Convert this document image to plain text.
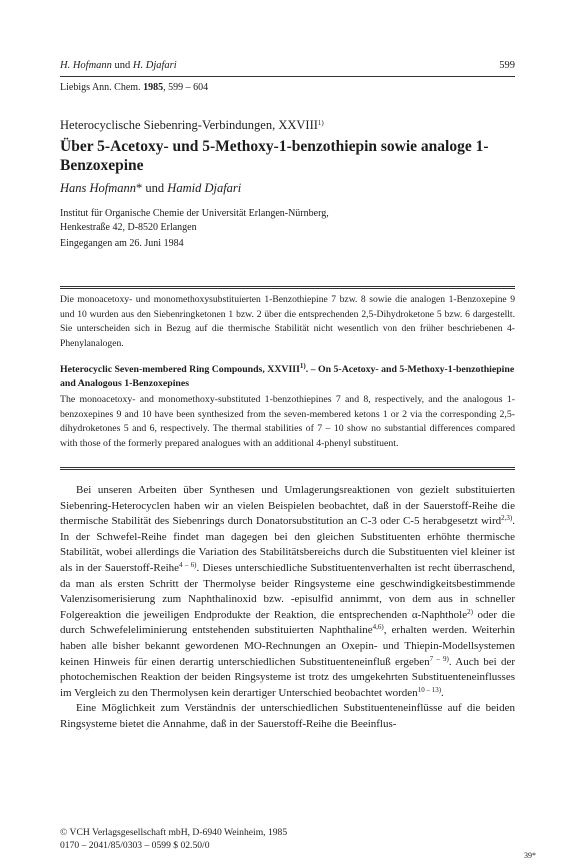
H. Hofmann und H. Djafari	599
Liebigs Ann. Chem. 1985, 599 – 604
Heterocyclische Siebenring-Verbindungen, XXVIII$^{1)}$
Über 5-Acetoxy- und 5-Methoxy-1-benzothiepin sowie analoge 1-Benzoxepine
Hans Hofmann* und Hamid Djafari
Institut für Organische Chemie der Universität Erlangen-Nürnberg,
Henkestraße 42, D-8520 Erlangen
Eingegangen am 26. Juni 1984
Die monoacetoxy- und monomethoxysubstituierten 1-Benzothiepine 7 bzw. 8 sowie die analogen 1-Benzoxepine 9 und 10 wurden aus den Siebenringketonen 1 bzw. 2 über die entsprechenden 2,5-Dihydroketone 5 bzw. 6 dargestellt. Sie unterscheiden sich in Bezug auf die thermische Stabilität nicht wesentlich von den früher beschriebenen 4-Phenylanalogen.
Heterocyclic Seven-membered Ring Compounds, XXVIII$^{1)}$. – On 5-Acetoxy- and 5-Methoxy-1-benzothiepine and Analogous 1-Benzoxepines
The monoacetoxy- and monomethoxy-substituted 1-benzothiepines 7 and 8, respectively, and the analogous 1-benzoxepines 9 and 10 have been synthesized from the seven-membered ketons 1 or 2 via the corresponding 2,5-dihydroketones 5 and 6, respectively. The thermal stabilities of 7 – 10 show no substantial differences compared with those of the formerly prepared analogues with an additional 4-phenyl substituent.

Bei unseren Arbeiten über Synthesen und Umlagerungsreaktionen von gezielt substituierten Siebenring-Heterocyclen haben wir an vielen Beispielen beobachtet, daß in der Sauerstoff-Reihe die thermische Stabilität des Siebenrings durch Donatorsubstitution an C-3 oder C-5 herabgesetzt wird$^{2,3)}$. In der Schwefel-Reihe findet man dagegen bei den gleichen Substituenten erhöhte thermische Stabilität, wobei allerdings die Variation des Stabilitätsbereichs durch die Substituenten viel kleiner ist als in der Sauerstoff-Reihe$^{4 - 6)}$. Dieses unterschiedliche Substituentenverhalten ist recht überraschend, da man als ersten Schritt der Thermolyse beider Ringsysteme eine geschwindigkeitsbestimmende Valenzisomerisierung zum Naphthalinoxid bzw. -episulfid annimmt, von dem aus in schneller Folgereaktion die jeweiligen Endprodukte der Reaktion, die entsprechenden α-Naphthole$^{2)}$ oder die durch Schwefeleliminierung entstehenden substituierten Naphthaline$^{4,6)}$, erhalten werden. Weiterhin haben alle bisher bekannt gewordenen MO-Rechnungen an Oxepin- und Thiepin-Modellsystemen keinen Hinweis für einen derartig unterschiedlichen Substituenteneinfluß ergeben$^{7 - 9)}$. Auch bei der photochemischen Reaktion der beiden Ringsysteme ist trotz des umgekehrten Substituenteneinflusses im Vergleich zu den Thermolysen kein derartiger Unterschied beobachtet worden$^{10 - 13)}$.

Eine Möglichkeit zum Verständnis der unterschiedlichen Substituenteneinflüsse auf die beiden Ringsysteme bietet die Annahme, daß in der Sauerstoff-Reihe die Beeinflus-

© VCH Verlagsgesellschaft mbH, D-6940 Weinheim, 1985
0170 – 2041/85/0303 – 0599 $ 02.50/0
39*
